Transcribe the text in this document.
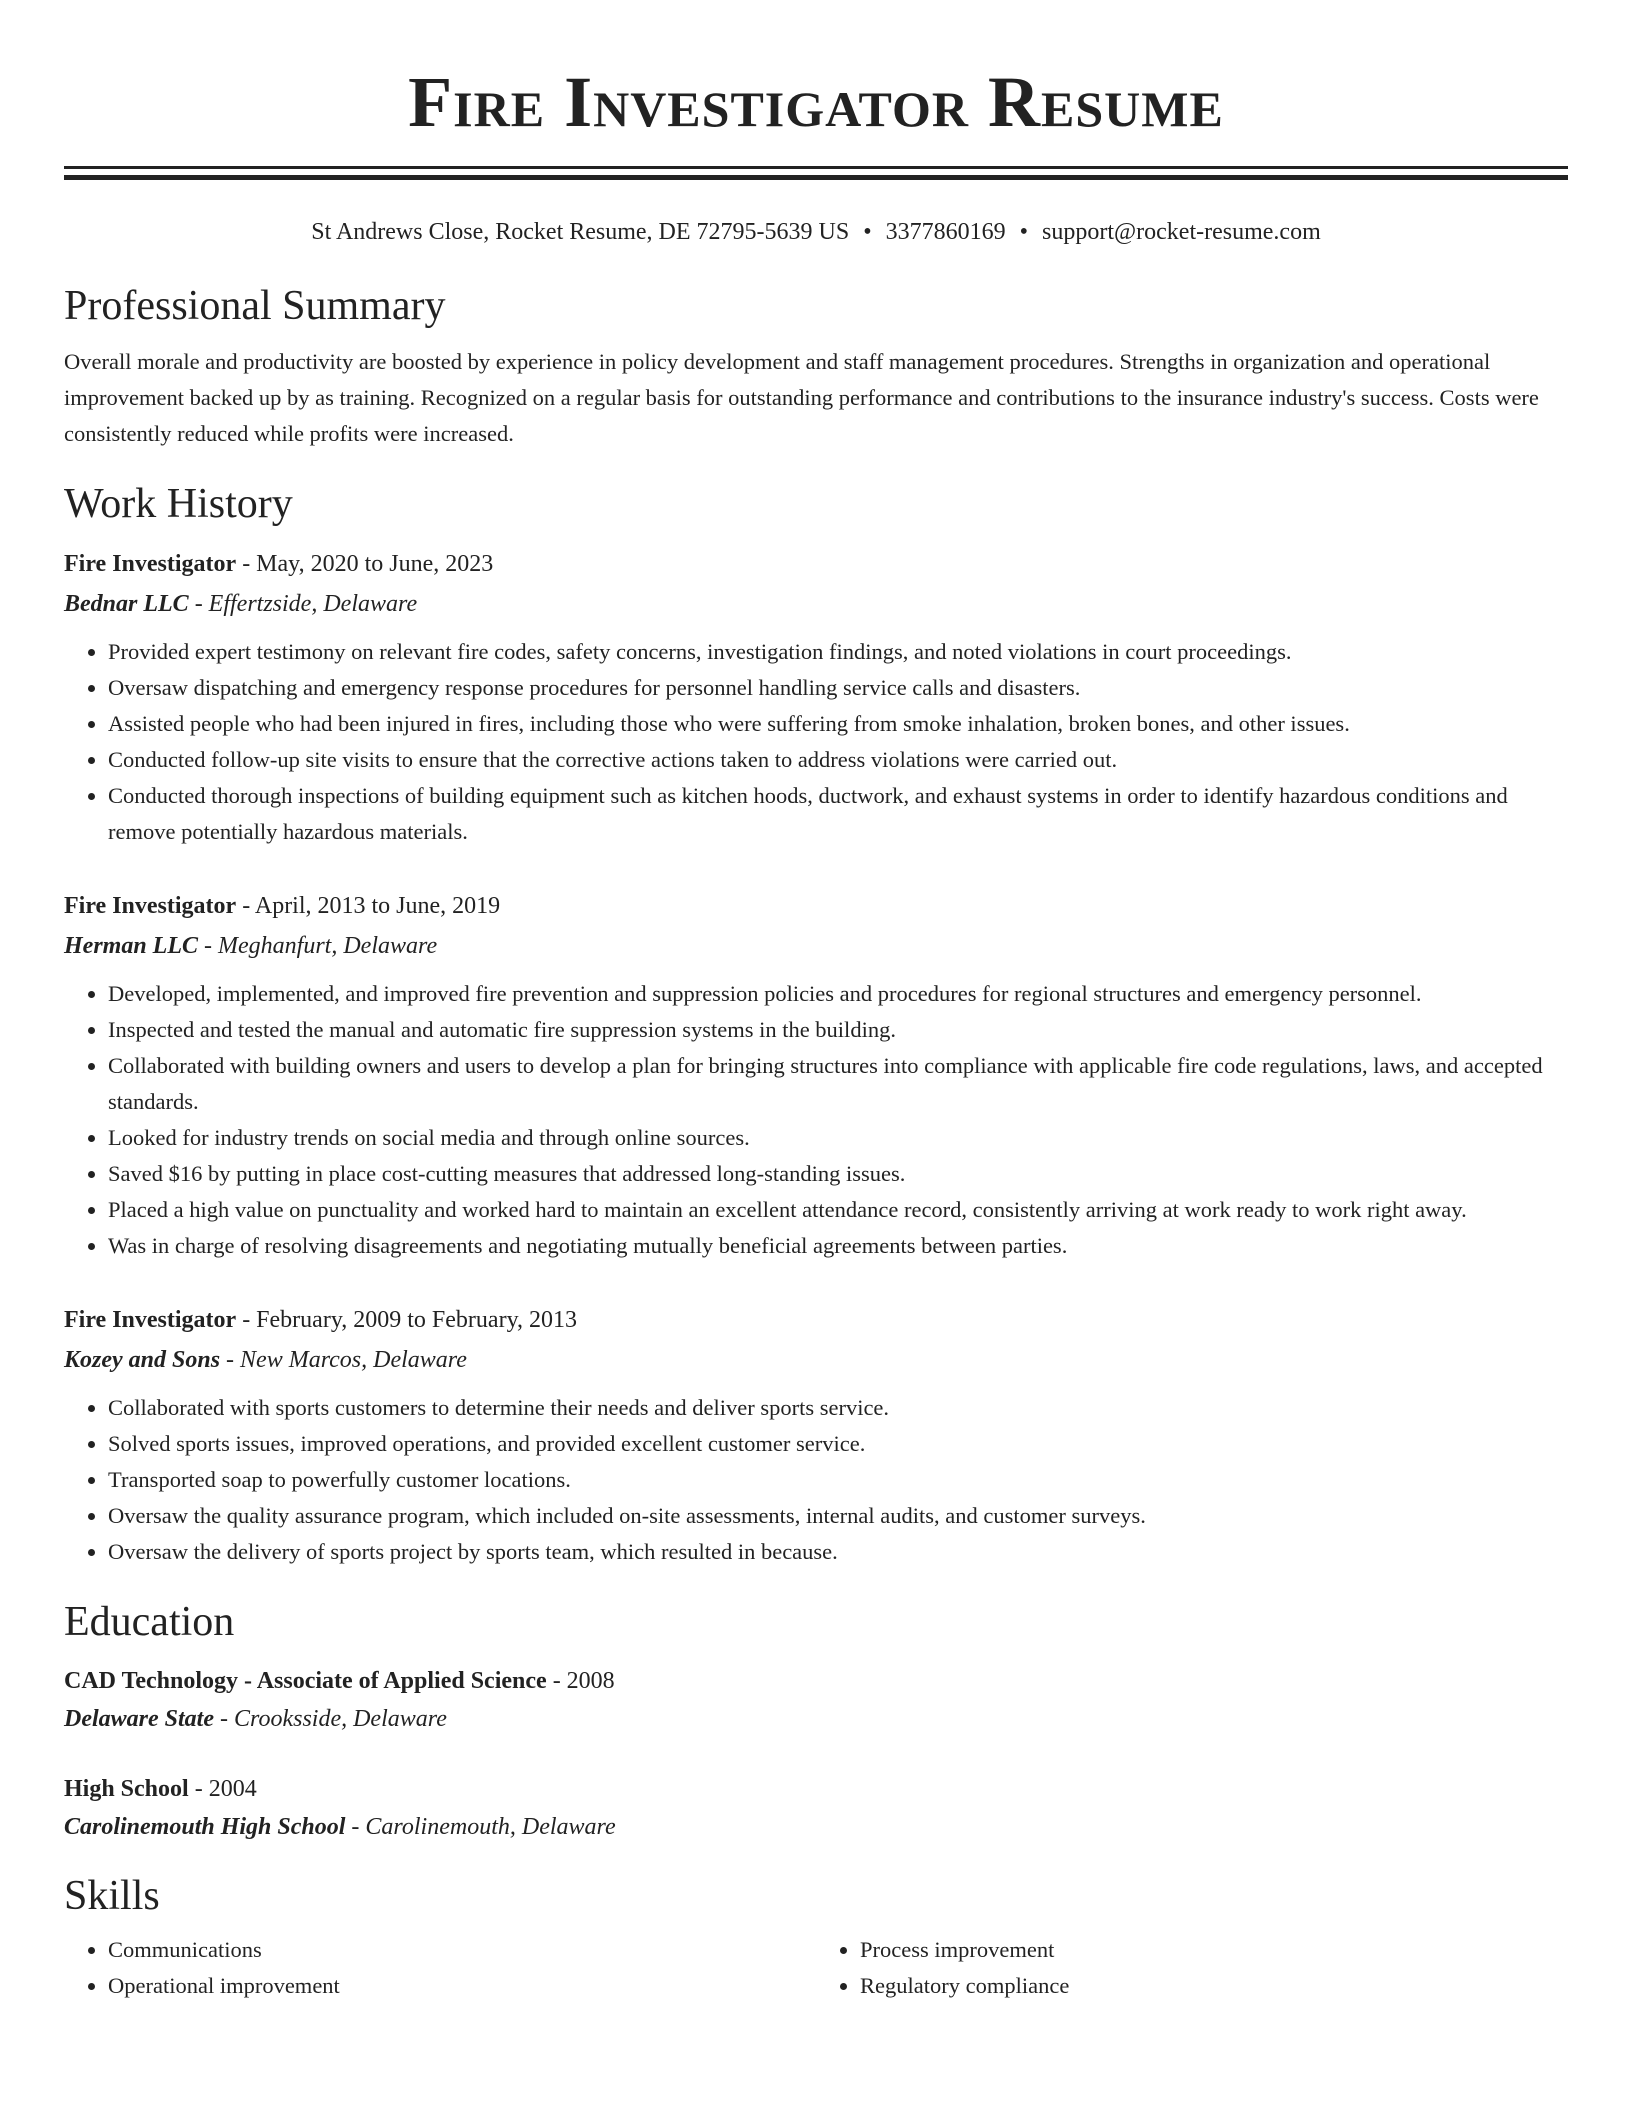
Fire Investigator Resume
St Andrews Close, Rocket Resume, DE 72795-5639 US • 3377860169 • support@rocket-resume.com
Professional Summary

Overall morale and productivity are boosted by experience in policy development and staff management procedures. Strengths in organization and operational improvement backed up by as training. Recognized on a regular basis for outstanding performance and contributions to the insurance industry's success. Costs were consistently reduced while profits were increased.

Work History
Fire Investigator - May, 2020 to June, 2023
Bednar LLC - Effertzside, Delaware
• Provided expert testimony on relevant fire codes, safety concerns, investigation findings, and noted violations in court proceedings.
• Oversaw dispatching and emergency response procedures for personnel handling service calls and disasters.
• Assisted people who had been injured in fires, including those who were suffering from smoke inhalation, broken bones, and other issues.
• Conducted follow-up site visits to ensure that the corrective actions taken to address violations were carried out.
• Conducted thorough inspections of building equipment such as kitchen hoods, ductwork, and exhaust systems in order to identify hazardous conditions and remove potentially hazardous materials.
Fire Investigator - April, 2013 to June, 2019
Herman LLC - Meghanfurt, Delaware
• Developed, implemented, and improved fire prevention and suppression policies and procedures for regional structures and emergency personnel.
• Inspected and tested the manual and automatic fire suppression systems in the building.
• Collaborated with building owners and users to develop a plan for bringing structures into compliance with applicable fire code regulations, laws, and accepted standards.
• Looked for industry trends on social media and through online sources.
• Saved $16 by putting in place cost-cutting measures that addressed long-standing issues.
• Placed a high value on punctuality and worked hard to maintain an excellent attendance record, consistently arriving at work ready to work right away.
• Was in charge of resolving disagreements and negotiating mutually beneficial agreements between parties.
Fire Investigator - February, 2009 to February, 2013
Kozey and Sons - New Marcos, Delaware
• Collaborated with sports customers to determine their needs and deliver sports service.
• Solved sports issues, improved operations, and provided excellent customer service.
• Transported soap to powerfully customer locations.
• Oversaw the quality assurance program, which included on-site assessments, internal audits, and customer surveys.
• Oversaw the delivery of sports project by sports team, which resulted in because.
Education
CAD Technology - Associate of Applied Science - 2008
Delaware State - Crooksside, Delaware
High School - 2004
Carolinemouth High School - Carolinemouth, Delaware
Skills
• Communications
• Operational improvement
• Process improvement
• Regulatory compliance
